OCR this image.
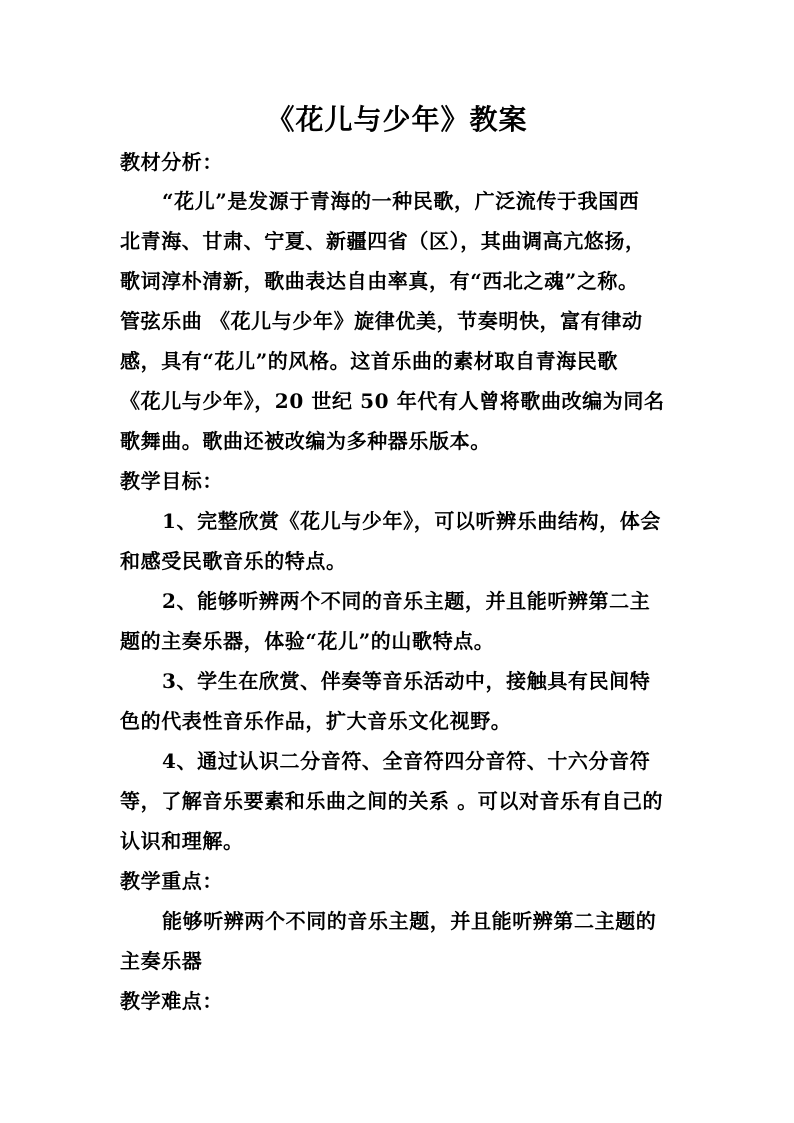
《花儿与少年》教案
教材分析：
“花儿”是发源于青海的一种民歌，广泛流传于我国西
北青海、甘肃、宁夏、新疆四省（区），其曲调高亢悠扬，
歌词淳朴清新，歌曲表达自由率真，有“西北之魂”之称。
管弦乐曲 《花儿与少年》旋律优美，节奏明快，富有律动
感，具有“花儿”的风格。这首乐曲的素材取自青海民歌
《花儿与少年》，20 世纪 50 年代有人曾将歌曲改编为同名
歌舞曲。歌曲还被改编为多种器乐版本。
教学目标：
1、完整欣赏《花儿与少年》，可以听辨乐曲结构，体会
和感受民歌音乐的特点。
2、能够听辨两个不同的音乐主题，并且能听辨第二主
题的主奏乐器，体验“花儿”的山歌特点。
3、学生在欣赏、伴奏等音乐活动中，接触具有民间特
色的代表性音乐作品，扩大音乐文化视野。
4、通过认识二分音符、全音符四分音符、十六分音符
等，了解音乐要素和乐曲之间的关系 。可以对音乐有自己的
认识和理解。
教学重点：
能够听辨两个不同的音乐主题，并且能听辨第二主题的
主奏乐器
教学难点：
